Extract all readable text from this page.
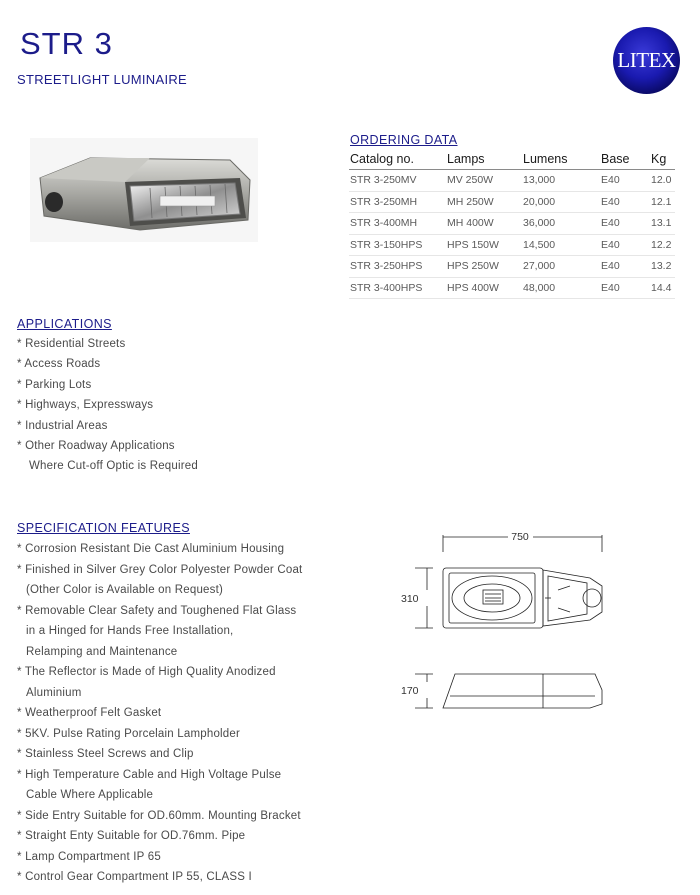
STR 3
STREETLIGHT LUMINAIRE
LITEX
ORDERING DATA
Catalog no.	Lamps	Lumens	Base	Kg
STR 3-250MV	MV 250W	13,000	E40	12.0
STR 3-250MH	MH 250W	20,000	E40	12.1
STR 3-400MH	MH 400W	36,000	E40	13.1
STR 3-150HPS	HPS 150W	14,500	E40	12.2
STR 3-250HPS	HPS 250W	27,000	E40	13.2
STR 3-400HPS	HPS 400W	48,000	E40	14.4
APPLICATIONS
* Residential Streets
* Access Roads
* Parking Lots
* Highways, Expressways
* Industrial Areas
* Other Roadway Applications
Where Cut-off Optic is Required
SPECIFICATION FEATURES
* Corrosion Resistant Die Cast Aluminium Housing
* Finished in Silver Grey Color Polyester Powder Coat
(Other Color is Available on Request)
* Removable Clear Safety and Toughened Flat Glass
in a Hinged for Hands Free Installation,
Relamping and Maintenance
* The Reflector is Made of High Quality Anodized
Aluminium
* Weatherproof Felt Gasket
* 5KV. Pulse Rating Porcelain Lampholder
* Stainless Steel Screws and Clip
* High Temperature Cable and High Voltage Pulse
Cable Where Applicable
* Side Entry Suitable for OD.60mm. Mounting Bracket
* Straight Enty Suitable for OD.76mm. Pipe
* Lamp Compartment IP 65
* Control Gear Compartment IP 55, CLASS I
750
310
170
